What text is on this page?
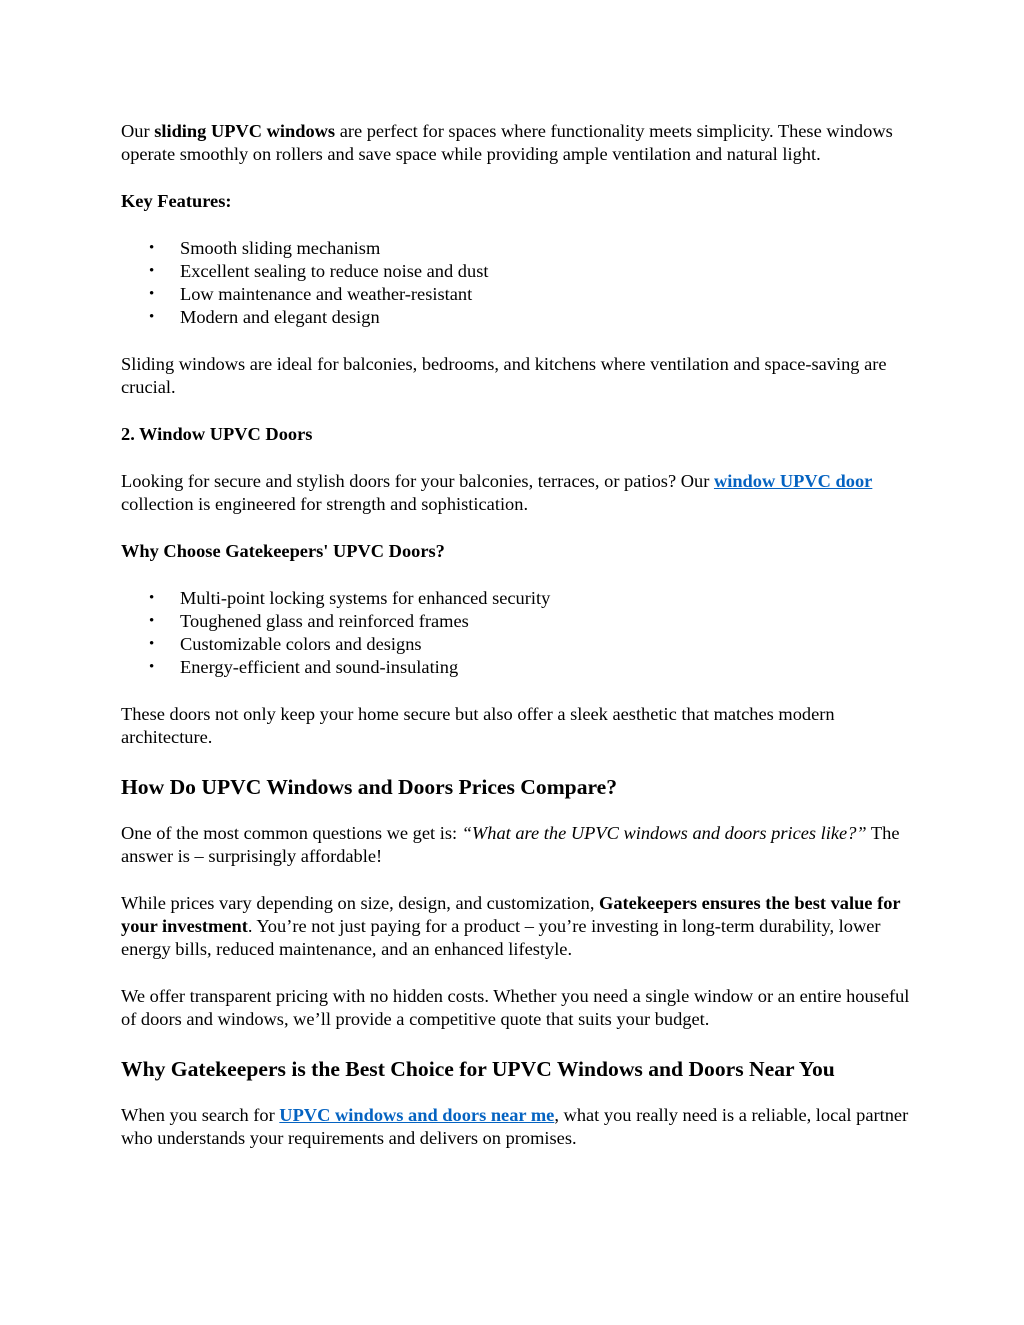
Our sliding UPVC windows are perfect for spaces where functionality meets simplicity. These windows operate smoothly on rollers and save space while providing ample ventilation and natural light.

Key Features:

• Smooth sliding mechanism
• Excellent sealing to reduce noise and dust
• Low maintenance and weather-resistant
• Modern and elegant design

Sliding windows are ideal for balconies, bedrooms, and kitchens where ventilation and space-saving are crucial.

2. Window UPVC Doors

Looking for secure and stylish doors for your balconies, terraces, or patios? Our window UPVC door collection is engineered for strength and sophistication.

Why Choose Gatekeepers' UPVC Doors?

• Multi-point locking systems for enhanced security
• Toughened glass and reinforced frames
• Customizable colors and designs
• Energy-efficient and sound-insulating

These doors not only keep your home secure but also offer a sleek aesthetic that matches modern architecture.

How Do UPVC Windows and Doors Prices Compare?

One of the most common questions we get is: “What are the UPVC windows and doors prices like?” The answer is – surprisingly affordable!

While prices vary depending on size, design, and customization, Gatekeepers ensures the best value for your investment. You’re not just paying for a product – you’re investing in long-term durability, lower energy bills, reduced maintenance, and an enhanced lifestyle.

We offer transparent pricing with no hidden costs. Whether you need a single window or an entire houseful of doors and windows, we’ll provide a competitive quote that suits your budget.

Why Gatekeepers is the Best Choice for UPVC Windows and Doors Near You

When you search for UPVC windows and doors near me, what you really need is a reliable, local partner who understands your requirements and delivers on promises.
